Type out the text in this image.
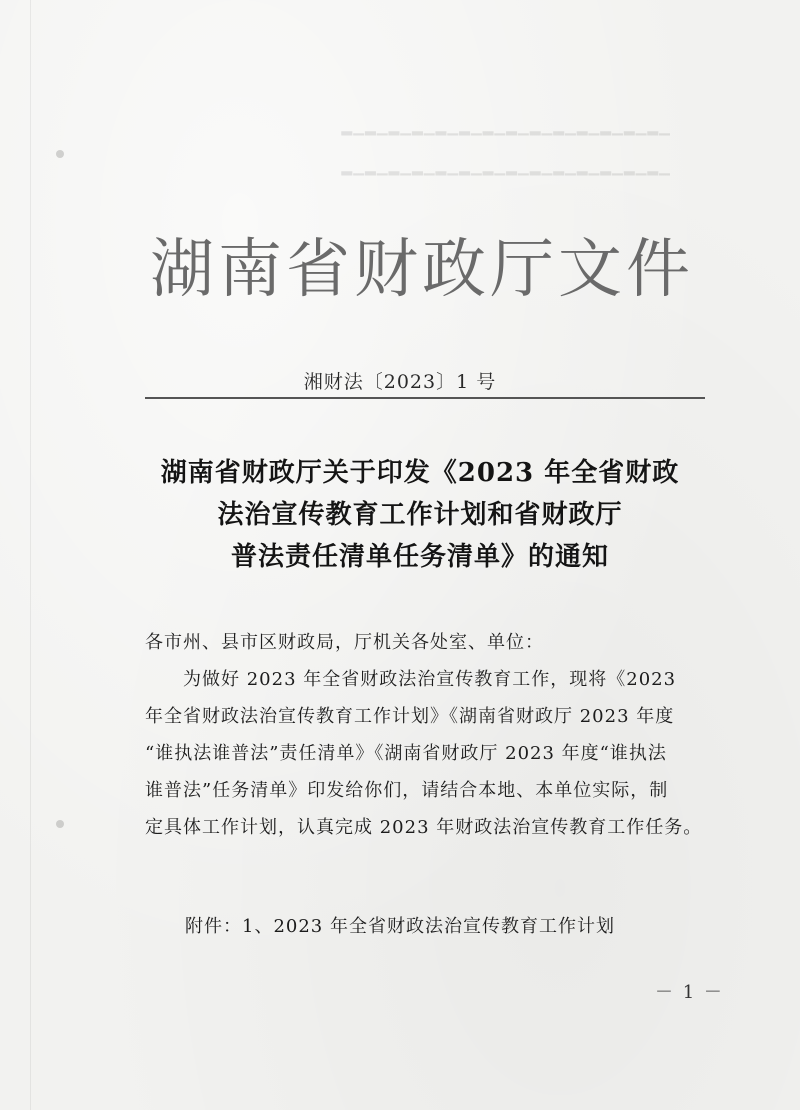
▁▂▁▂▁▂▁▂▁▂▁▂▁▂▁▂▁▂▁▂▁▂▁▂▁▂▁▂
▁▂▁▂▁▂▁▂▁▂▁▂▁▂▁▂▁▂▁▂▁▂▁▂▁▂▁▂
湖南省财政厅文件
湘财法〔2023〕1 号
湖南省财政厅关于印发《2023 年全省财政
法治宣传教育工作计划和省财政厅
普法责任清单任务清单》的通知
各市州、县市区财政局，厅机关各处室、单位：
为做好 2023 年全省财政法治宣传教育工作，现将《2023
年全省财政法治宣传教育工作计划》《湖南省财政厅 2023 年度
“谁执法谁普法”责任清单》《湖南省财政厅 2023 年度“谁执法
谁普法”任务清单》印发给你们，请结合本地、本单位实际，制
定具体工作计划，认真完成 2023 年财政法治宣传教育工作任务。
附件：1、2023 年全省财政法治宣传教育工作计划
－ 1 －
